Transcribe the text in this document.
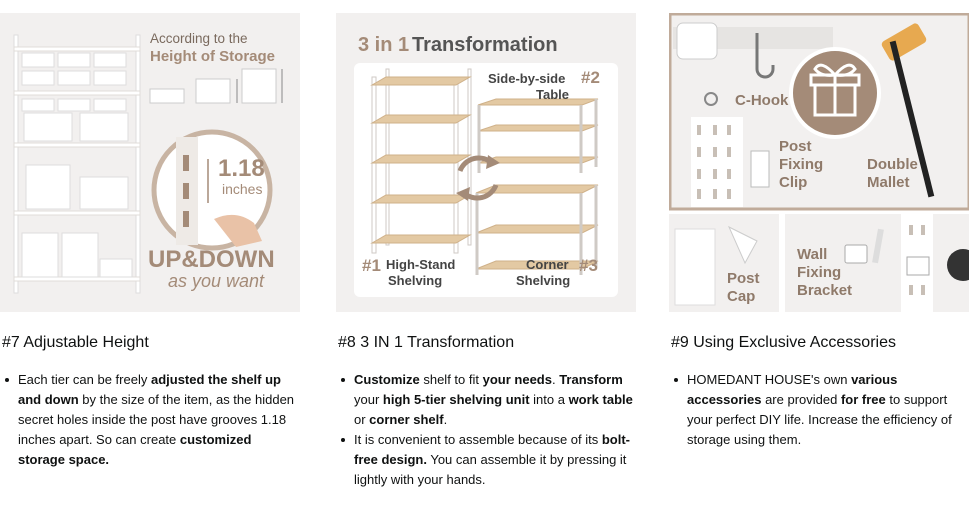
According to the
Height of Storage
1.18
inches
UP&DOWN
as you want
#7 Adjustable Height
Each tier can be freely adjusted the shelf up and down by the size of the item, as the hidden secret holes inside the post have grooves 1.18 inches apart. So can create customized storage space.
3 in 1 Transformation
Side-by-side #2
Table
#1 High-Stand
Shelving
Corner #3
Shelving
#8 3 IN 1 Transformation
Customize shelf to fit your needs. Transform your high 5-tier shelving unit into a work table or corner shelf.
It is convenient to assemble because of its bolt-free design. You can assemble it by pressing it lightly with your hands.
C-Hook
Post
Fixing
Clip
Double
Mallet
Post
Cap
Wall
Fixing
Bracket
#9 Using Exclusive Accessories
HOMEDANT HOUSE's own various accessories are provided for free to support your perfect DIY life. Increase the efficiency of storage using them.
